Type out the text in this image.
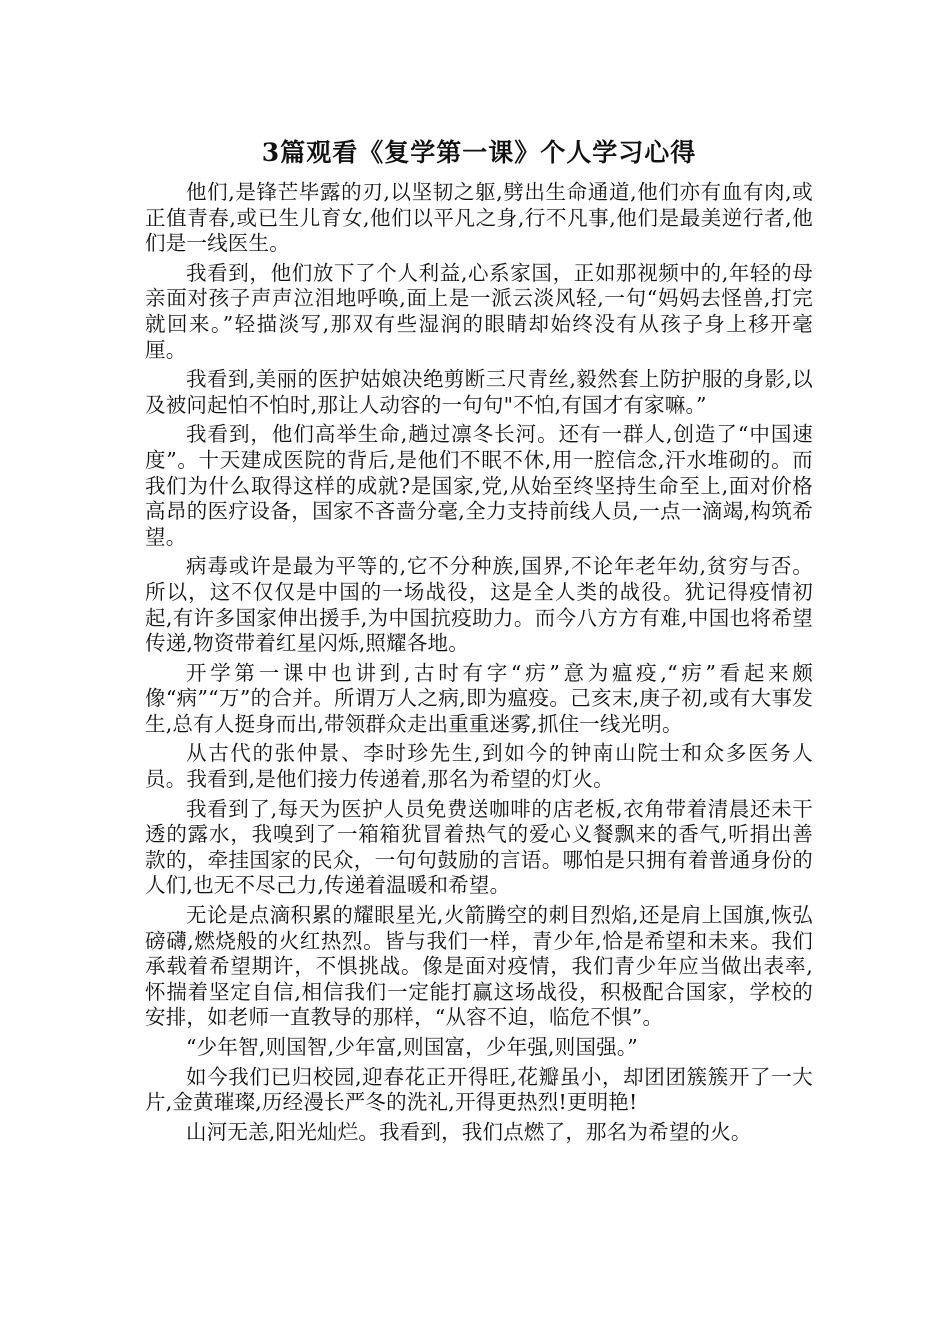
3篇观看《复学第一课》个人学习心得

他们,是锋芒毕露的刃,以坚韧之躯,劈出生命通道,他们亦有血有肉,或正值青春,或已生儿育女,他们以平凡之身,行不凡事,他们是最美逆行者,他们是一线医生。

我看到，他们放下了个人利益,心系家国，正如那视频中的,年轻的母亲面对孩子声声泣泪地呼唤,面上是一派云淡风轻,一句“妈妈去怪兽,打完就回来。”轻描淡写,那双有些湿润的眼睛却始终没有从孩子身上移开毫厘。

我看到,美丽的医护姑娘决绝剪断三尺青丝,毅然套上防护服的身影,以及被问起怕不怕时,那让人动容的一句句"不怕,有国才有家嘛。”

我看到，他们高举生命,趟过凛冬长河。还有一群人,创造了“中国速度”。十天建成医院的背后,是他们不眠不休,用一腔信念,汗水堆砌的。而我们为什么取得这样的成就?是国家,党,从始至终坚持生命至上,面对价格高昂的医疗设备，国家不吝啬分毫,全力支持前线人员,一点一滴竭,构筑希望。

病毒或许是最为平等的,它不分种族,国界,不论年老年幼,贫穷与否。所以，这不仅仅是中国的一场战役，这是全人类的战役。犹记得疫情初起,有许多国家伸出援手,为中国抗疫助力。而今八方方有难,中国也将希望传递,物资带着红星闪烁,照耀各地。

开学第一课中也讲到,古时有字“疠”意为瘟疫,“疠”看起来颇像“病”“万”的合并。所谓万人之病,即为瘟疫。己亥末,庚子初,或有大事发生,总有人挺身而出,带领群众走出重重迷雾,抓住一线光明。

从古代的张仲景、李时珍先生,到如今的钟南山院士和众多医务人员。我看到,是他们接力传递着,那名为希望的灯火。

我看到了,每天为医护人员免费送咖啡的店老板,衣角带着清晨还未干透的露水，我嗅到了一箱箱犹冒着热气的爱心义餐飘来的香气,听捐出善款的，牵挂国家的民众，一句句鼓励的言语。哪怕是只拥有着普通身份的人们,也无不尽己力,传递着温暖和希望。

无论是点滴积累的耀眼星光,火箭腾空的刺目烈焰,还是肩上国旗,恢弘磅礴,燃烧般的火红热烈。皆与我们一样，青少年,恰是希望和未来。我们承载着希望期许，不惧挑战。像是面对疫情，我们青少年应当做出表率,怀揣着坚定自信,相信我们一定能打赢这场战役，积极配合国家，学校的安排，如老师一直教导的那样，“从容不迫，临危不惧”。

“少年智,则国智,少年富,则国富，少年强,则国强。”

如今我们已归校园,迎春花正开得旺,花瓣虽小，却团团簇簇开了一大片,金黄璀璨,历经漫长严冬的洗礼,开得更热烈!更明艳!

山河无恙,阳光灿烂。我看到，我们点燃了，那名为希望的火。
